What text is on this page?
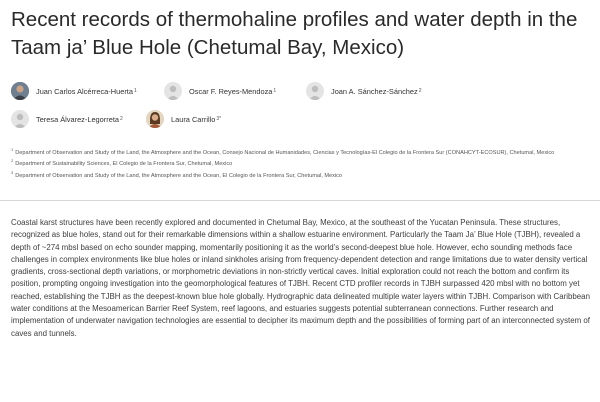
Recent records of thermohaline profiles and water depth in the Taam ja’ Blue Hole (Chetumal Bay, Mexico)
Juan Carlos Alcérreca-Huerta 1	Oscar F. Reyes-Mendoza 1	Joan A. Sánchez-Sánchez 2
Teresa Álvarez-Legorreta 2	Laura Carrillo 3*
$^1$Department of Observation and Study of the Land, the Atmosphere and the Ocean, Consejo Nacional de Humanidades, Ciencias y Tecnologías-El Colegio de la Frontera Sur (CONAHCYT-ECOSUR), Chetumal, Mexico
$^2$Department of Sustainability Sciences, El Colegio de la Frontera Sur, Chetumal, Mexico
$^3$Department of Observation and Study of the Land, the Atmosphere and the Ocean, El Colegio de la Frontera Sur, Chetumal, Mexico

Coastal karst structures have been recently explored and documented in Chetumal Bay, Mexico, at the southeast of the Yucatan Peninsula. These structures, recognized as blue holes, stand out for their remarkable dimensions within a shallow estuarine environment. Particularly the Taam Ja’ Blue Hole (TJBH), revealed a depth of ~274 mbsl based on echo sounder mapping, momentarily positioning it as the world’s second-deepest blue hole. However, echo sounding methods face challenges in complex environments like blue holes or inland sinkholes arising from frequency-dependent detection and range limitations due to water density vertical gradients, cross-sectional depth variations, or morphometric deviations in non-strictly vertical caves. Initial exploration could not reach the bottom and confirm its position, prompting ongoing investigation into the geomorphological features of TJBH. Recent CTD profiler records in TJBH surpassed 420 mbsl with no bottom yet reached, establishing the TJBH as the deepest-known blue hole globally. Hydrographic data delineated multiple water layers within TJBH. Comparison with Caribbean water conditions at the Mesoamerican Barrier Reef System, reef lagoons, and estuaries suggests potential subterranean connections. Further research and implementation of underwater navigation technologies are essential to decipher its maximum depth and the possibilities of forming part of an interconnected system of caves and tunnels.
